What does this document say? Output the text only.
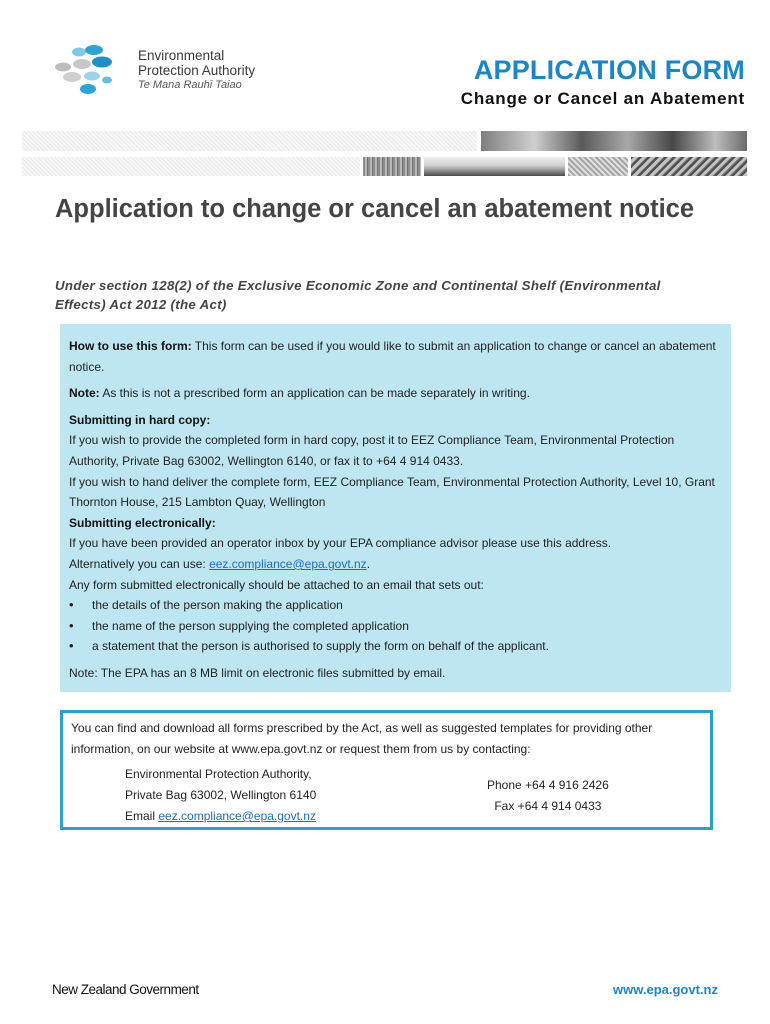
Environmental
Protection Authority
Te Mana Rauhī Taiao	APPLICATION FORM
Change or Cancel an Abatement
Application to change or cancel an abatement notice
Under section 128(2) of the Exclusive Economic Zone and Continental Shelf (Environmental Effects) Act 2012 (the Act)

How to use this form: This form can be used if you would like to submit an application to change or cancel an abatement notice.

Note: As this is not a prescribed form an application can be made separately in writing.

Submitting in hard copy:

If you wish to provide the completed form in hard copy, post it to EEZ Compliance Team, Environmental Protection Authority, Private Bag 63002, Wellington 6140, or fax it to +64 4 914 0433.

If you wish to hand deliver the complete form, EEZ Compliance Team, Environmental Protection Authority, Level 10, Grant Thornton House, 215 Lambton Quay, Wellington

Submitting electronically:

If you have been provided an operator inbox by your EPA compliance advisor please use this address.

Alternatively you can use: eez.compliance@epa.govt.nz.

Any form submitted electronically should be attached to an email that sets out:

• the details of the person making the application
• the name of the person supplying the completed application
• a statement that the person is authorised to supply the form on behalf of the applicant.

Note: The EPA has an 8 MB limit on electronic files submitted by email.

You can find and download all forms prescribed by the Act, as well as suggested templates for providing other information, on our website at www.epa.govt.nz or request them from us by contacting:

Environmental Protection Authority,
Private Bag 63002, Wellington 6140
Email eez.compliance@epa.govt.nz
Phone +64 4 916 2426
Fax +64 4 914 0433
New Zealand Government	www.epa.govt.nz
